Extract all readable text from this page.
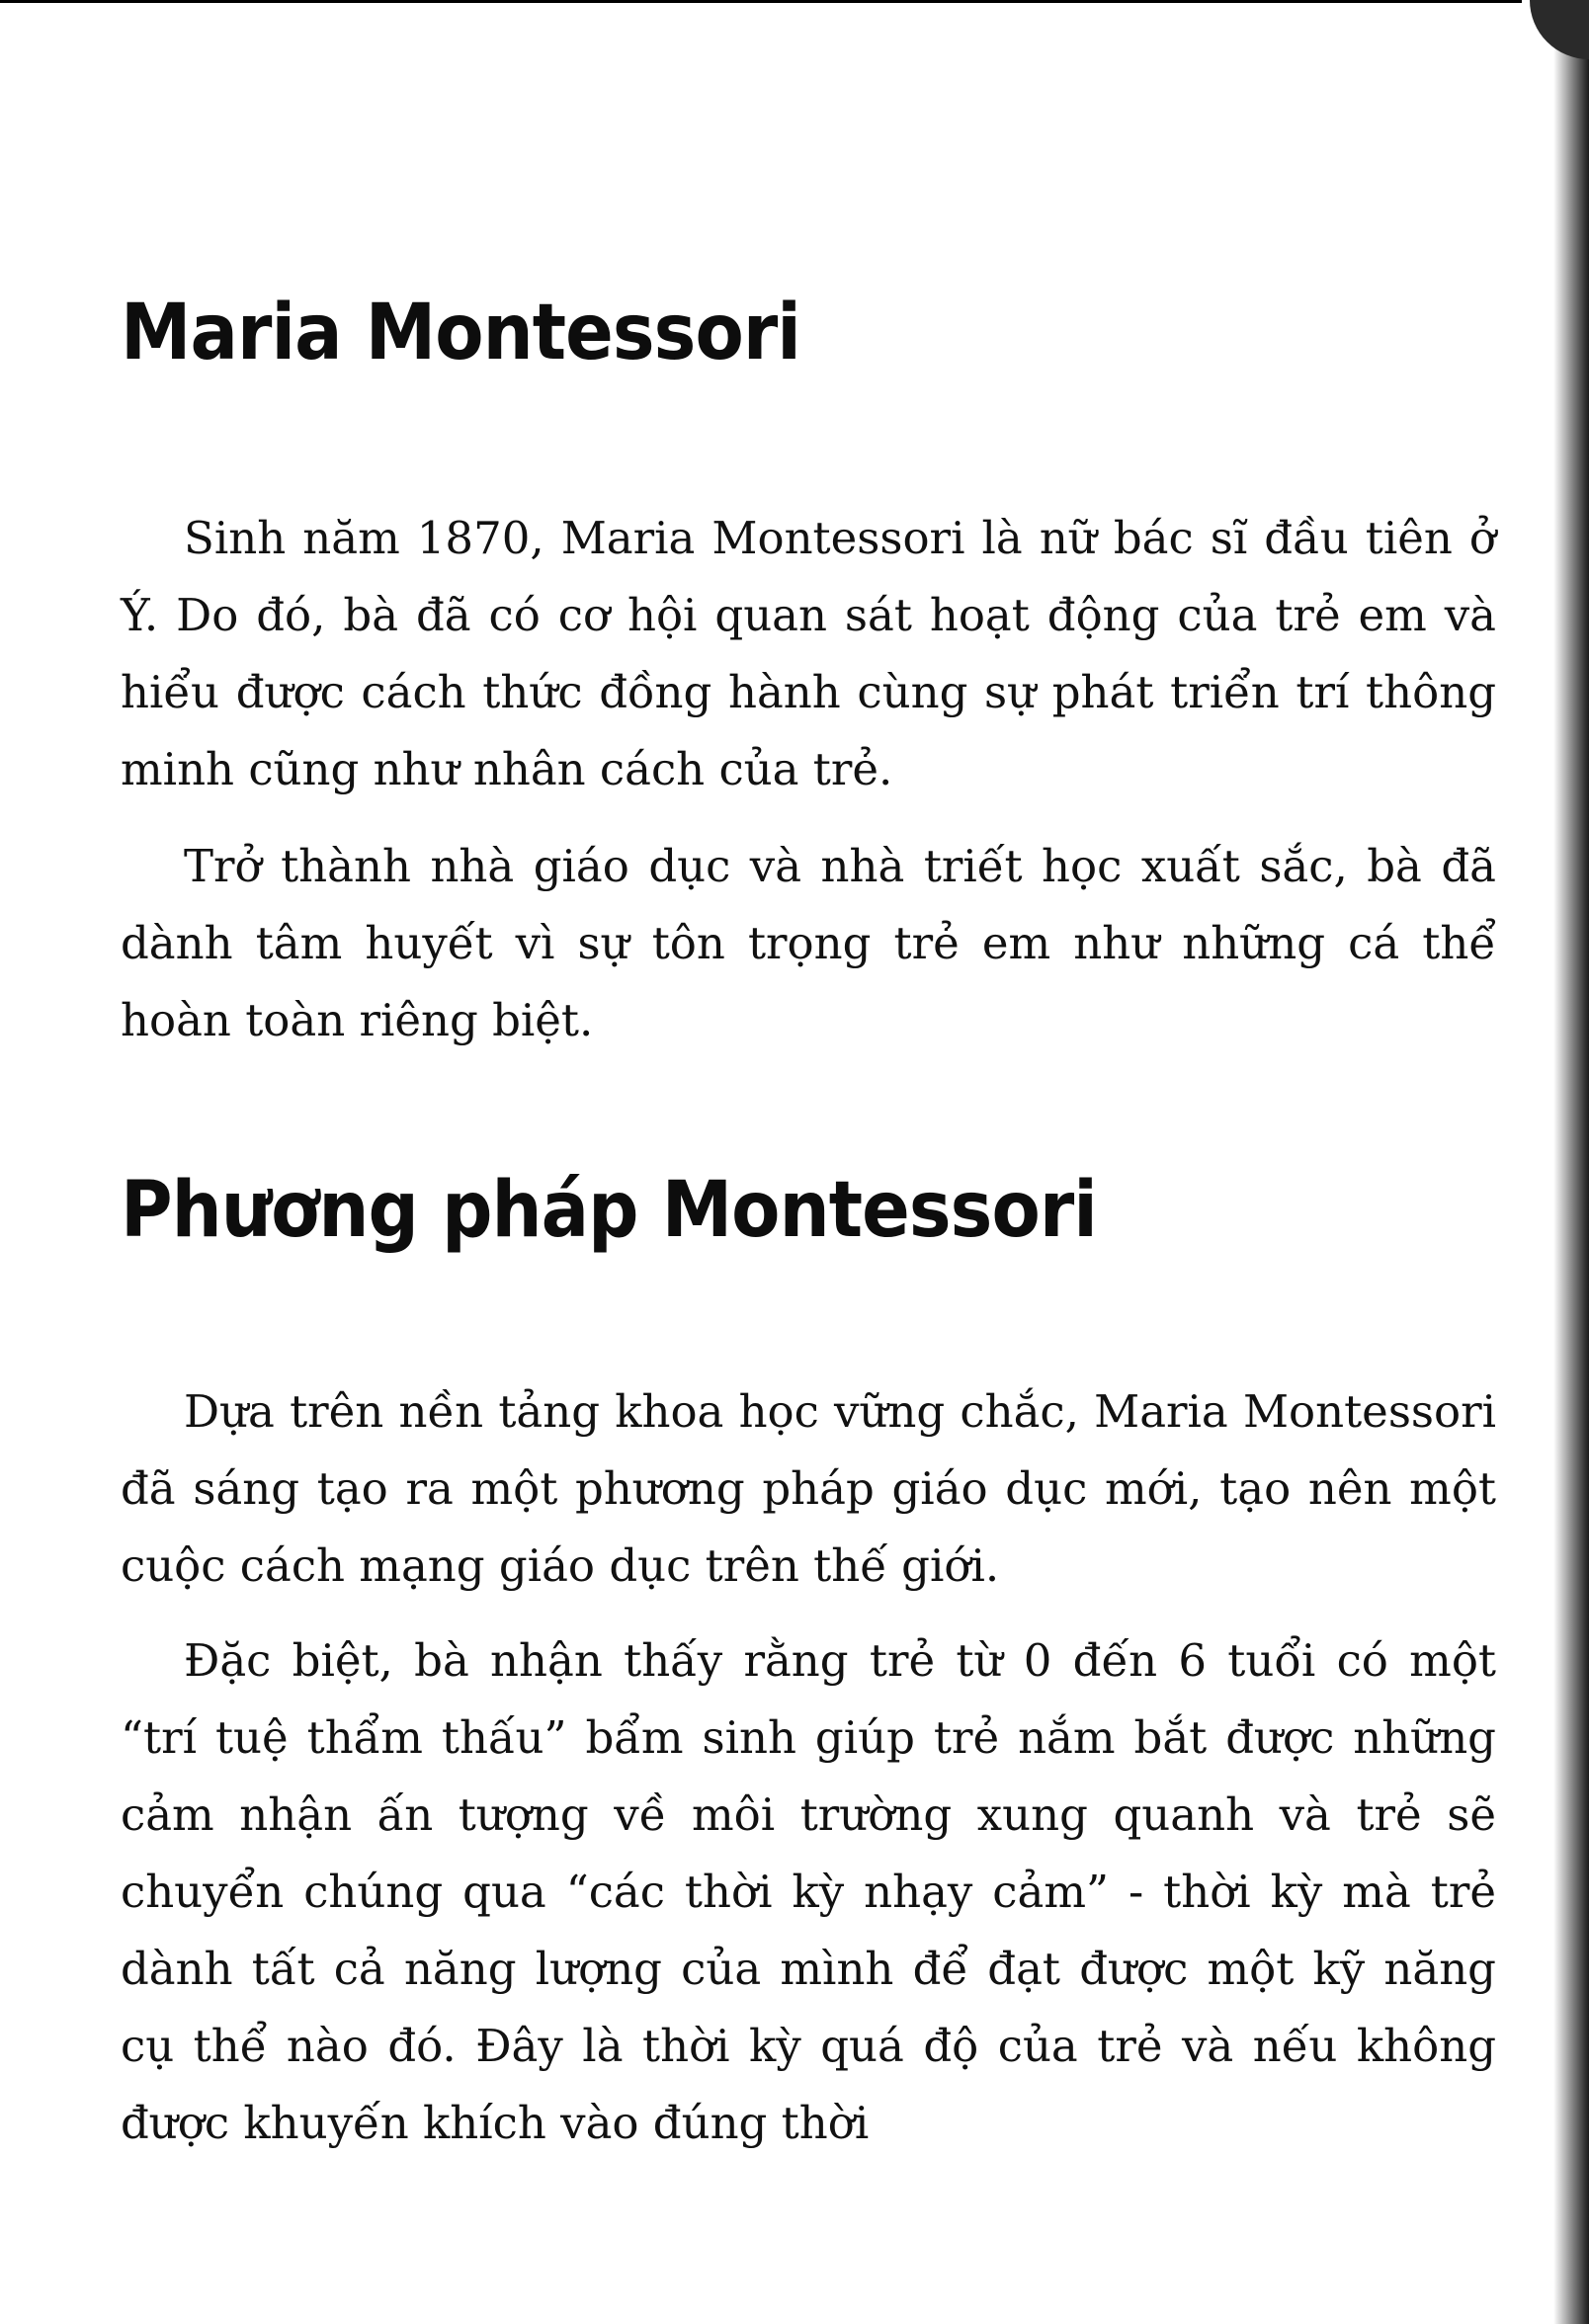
Maria Montessori

Sinh năm 1870, Maria Montessori là nữ bác sĩ đầu tiên ở Ý. Do đó, bà đã có cơ hội quan sát hoạt động của trẻ em và hiểu được cách thức đồng hành cùng sự phát triển trí thông minh cũng như nhân cách của trẻ.

Trở thành nhà giáo dục và nhà triết học xuất sắc, bà đã dành tâm huyết vì sự tôn trọng trẻ em như những cá thể hoàn toàn riêng biệt.

Phương pháp Montessori

Dựa trên nền tảng khoa học vững chắc, Maria Montessori đã sáng tạo ra một phương pháp giáo dục mới, tạo nên một cuộc cách mạng giáo dục trên thế giới.

Đặc biệt, bà nhận thấy rằng trẻ từ 0 đến 6 tuổi có một “trí tuệ thẩm thấu” bẩm sinh giúp trẻ nắm bắt được những cảm nhận ấn tượng về môi trường xung quanh và trẻ sẽ chuyển chúng qua “các thời kỳ nhạy cảm” - thời kỳ mà trẻ dành tất cả năng lượng của mình để đạt được một kỹ năng cụ thể nào đó. Đây là thời kỳ quá độ của trẻ và nếu không được khuyến khích vào đúng thời
